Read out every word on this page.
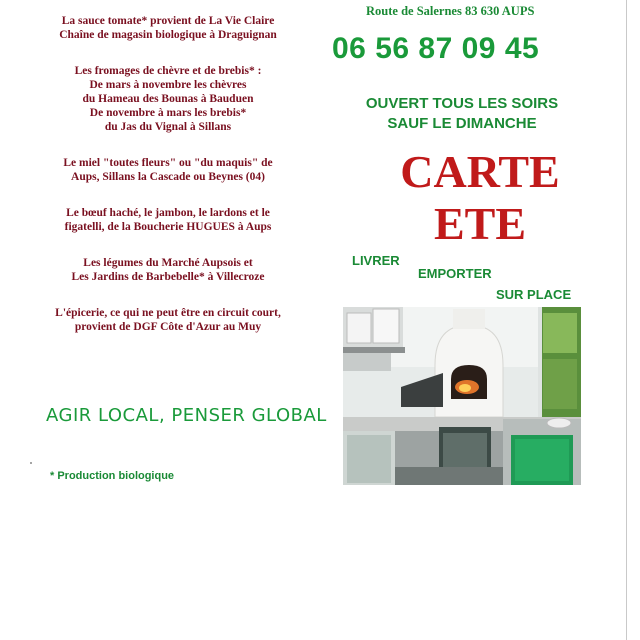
La sauce tomate* provient de La Vie Claire
Chaîne de magasin biologique à Draguignan

Les fromages de chèvre et de brebis* :
De mars à novembre les chèvres
du Hameau des Bounas à Bauduen
De novembre à mars les brebis*
du Jas du Vignal à Sillans

Le miel "toutes fleurs" ou "du maquis" de
Aups, Sillans la Cascade ou Beynes (04)

Le bœuf haché, le jambon, le lardons et le
figatelli, de la Boucherie HUGUES à Aups

Les légumes du Marché Aupsois et
Les Jardins de Barbebelle* à Villecroze

L'épicerie, ce qui ne peut être en circuit court,
provient de DGF Côte d'Azur au Muy

AGIR LOCAL, PENSER GLOBAL
* Production biologique
Route de Salernes 83 630 AUPS
06 56 87 09 45
OUVERT TOUS LES SOIRS
SAUF LE DIMANCHE
CARTE
ETE
LIVRER
EMPORTER
SUR PLACE
